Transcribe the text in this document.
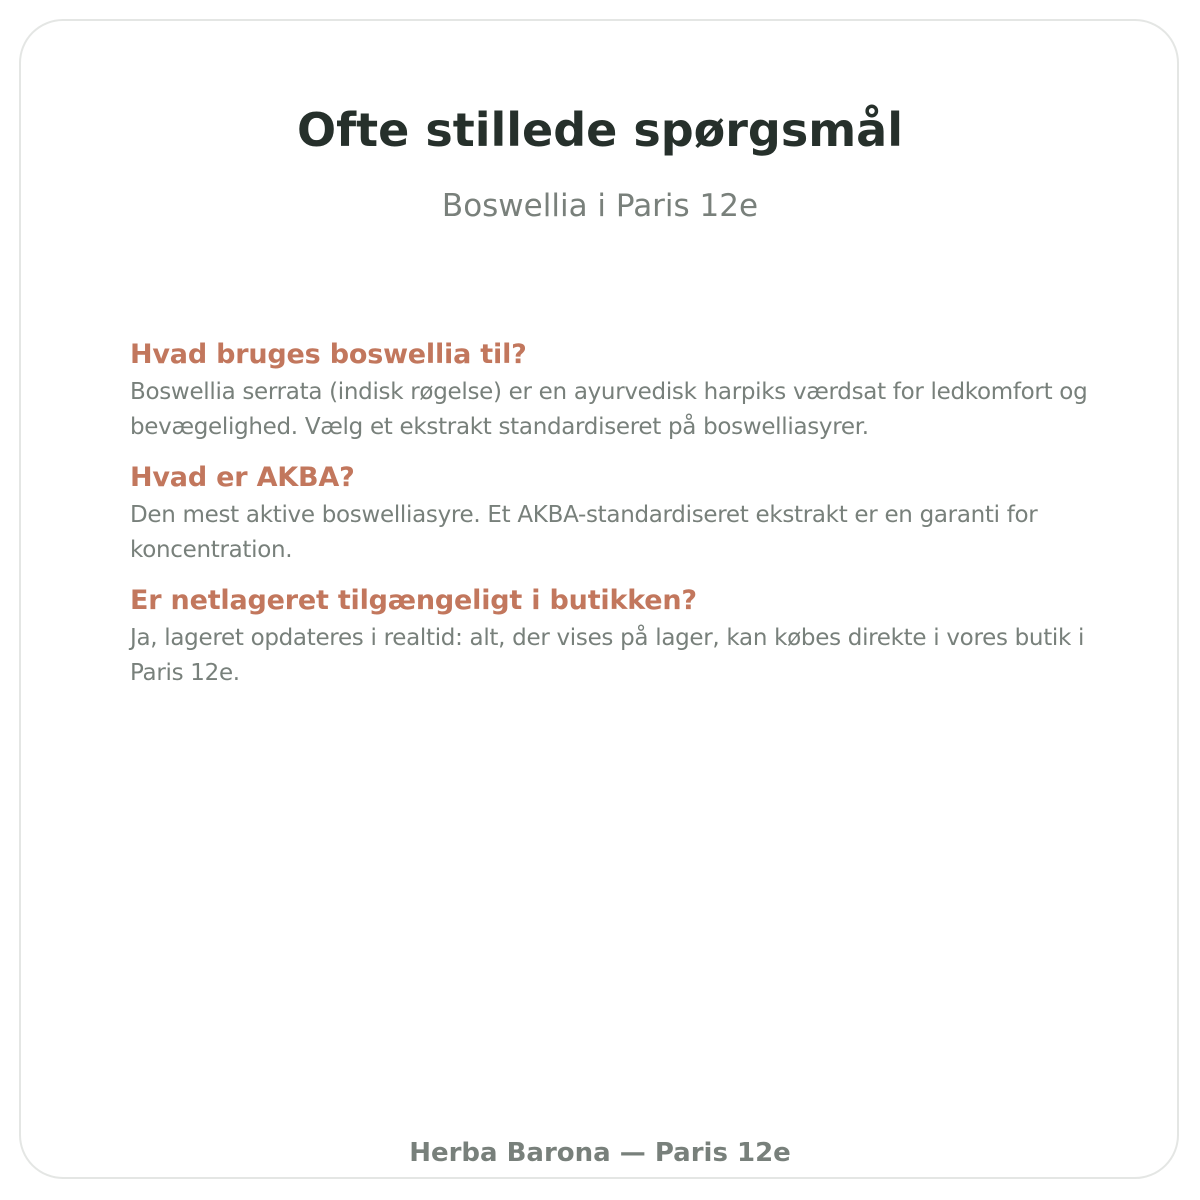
Ofte stillede spørgsmål

Boswellia i Paris 12e

Hvad bruges boswellia til?

Boswellia serrata (indisk røgelse) er en ayurvedisk harpiks værdsat for ledkomfort og bevægelighed. Vælg et ekstrakt standardiseret på boswelliasyrer.

Hvad er AKBA?

Den mest aktive boswelliasyre. Et AKBA-standardiseret ekstrakt er en garanti for koncentration.

Er netlageret tilgængeligt i butikken?

Ja, lageret opdateres i realtid: alt, der vises på lager, kan købes direkte i vores butik i Paris 12e.

Herba Barona — Paris 12e
